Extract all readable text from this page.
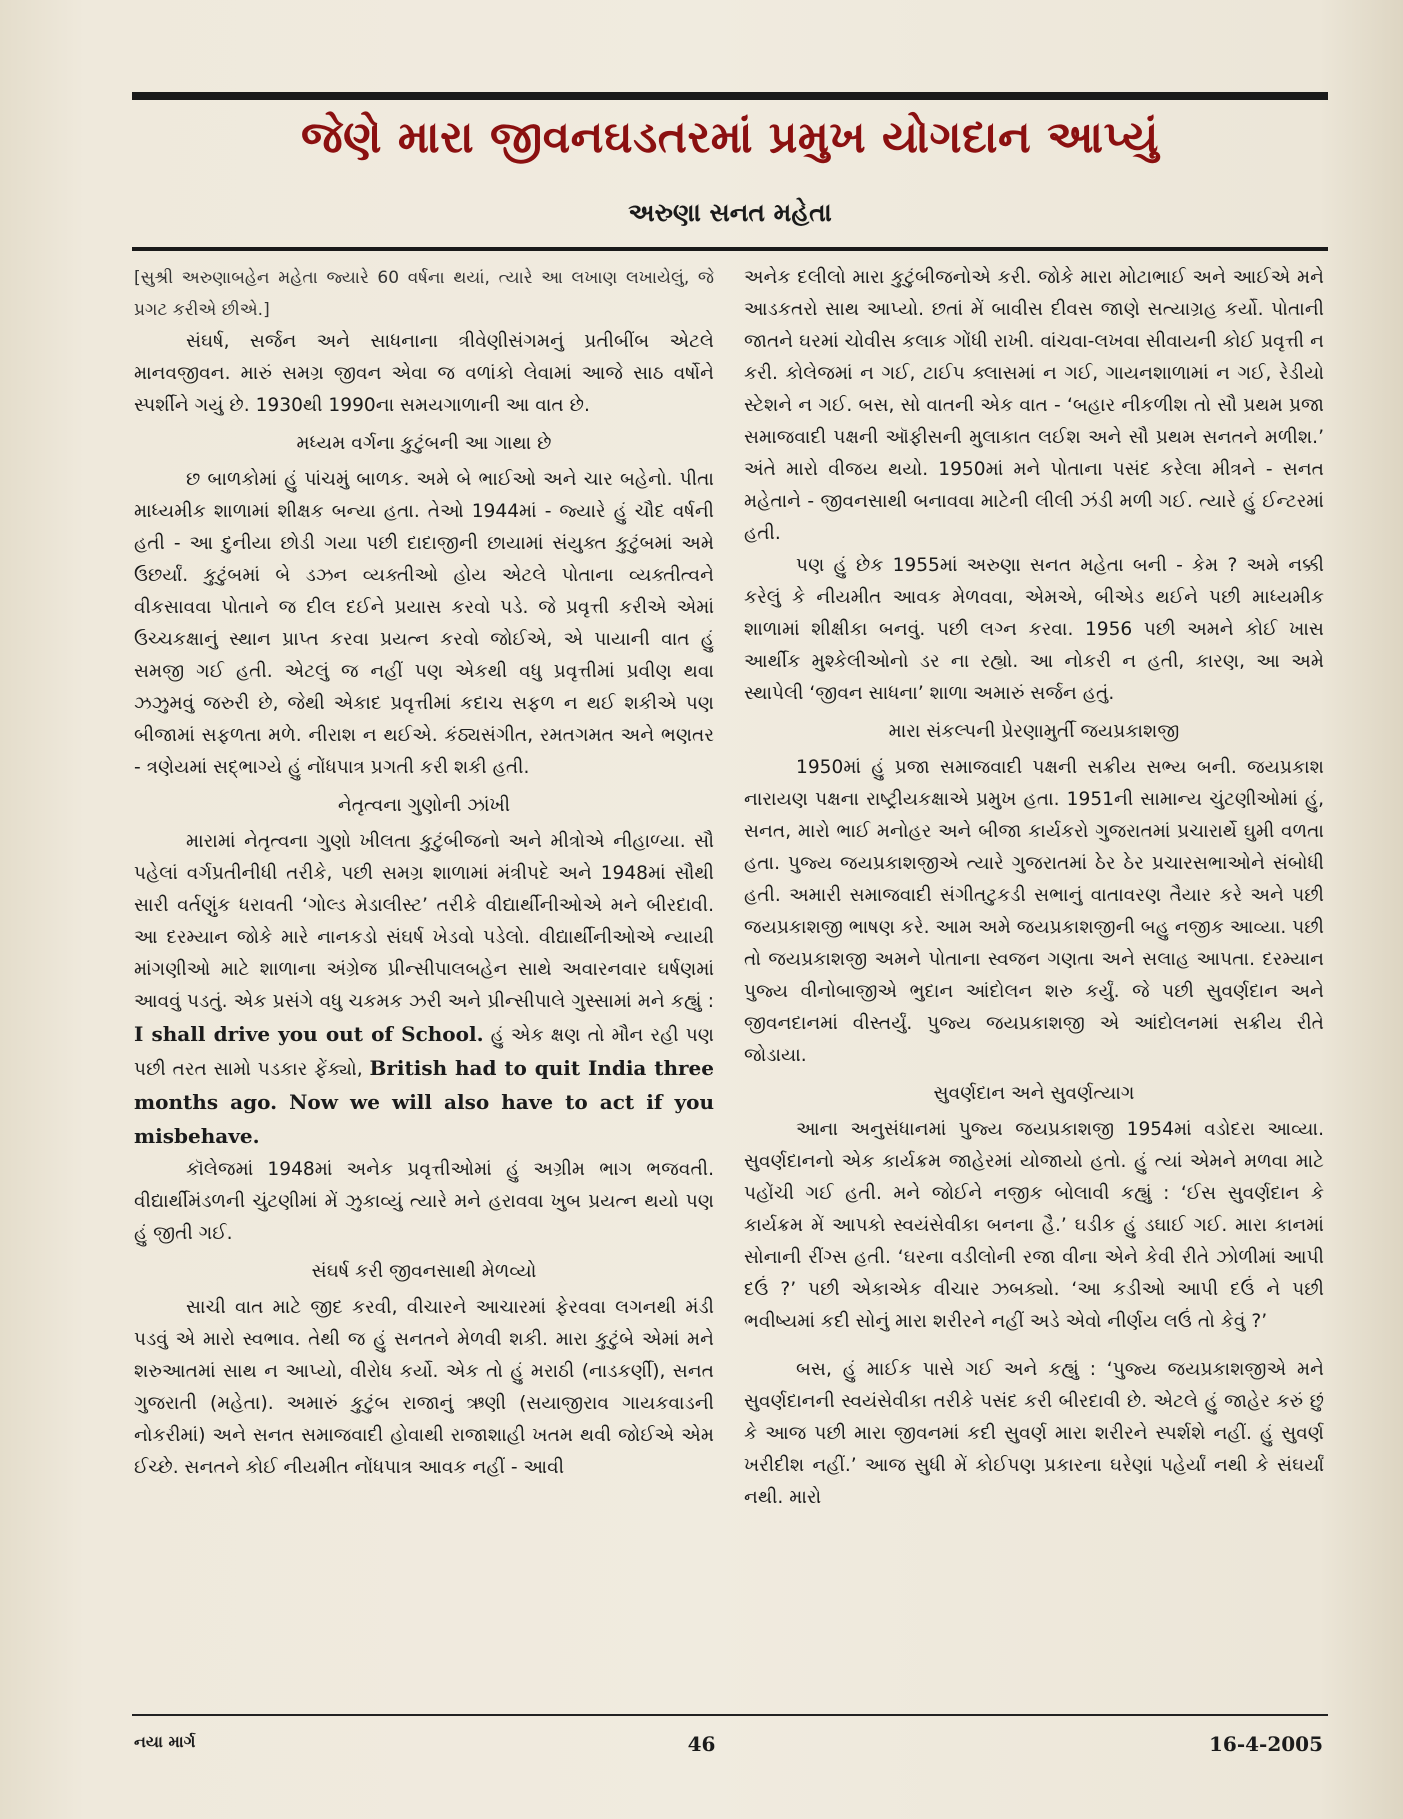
જેણે મારા જીવનઘડતરમાં પ્રમુખ યોગદાન આપ્યું
અરુણા સનત મહેતા

[સુશ્રી અરુણાબહેન મહેતા જ્યારે 60 વર્ષના થયાં, ત્યારે આ લખાણ લખાયેલું, જે પ્રગટ કરીએ છીએ.]

સંઘર્ષ, સર્જન અને સાધનાના ત્રીવેણીસંગમનું પ્રતીબીંબ એટલે માનવજીવન. મારું સમગ્ર જીવન એવા જ વળાંકો લેવામાં આજે સાઠ વર્ષોને સ્પર્શીને ગયું છે. 1930થી 1990ના સમયગાળાની આ વાત છે.

મધ્યમ વર્ગના કુટુંબની આ ગાથા છે

છ બાળકોમાં હું પાંચમું બાળક. અમે બે ભાઈઓ અને ચાર બહેનો. પીતા માધ્યમીક શાળામાં શીક્ષક બન્યા હતા. તેઓ 1944માં - જ્યારે હું ચૌદ વર્ષની હતી - આ દુનીયા છોડી ગયા પછી દાદાજીની છાયામાં સંયુક્ત કુટુંબમાં અમે ઉછર્યાં. કુટુંબમાં બે ડઝન વ્યક્તીઓ હોય એટલે પોતાના વ્યક્તીત્વને વીકસાવવા પોતાને જ દીલ દઈને પ્રયાસ કરવો પડે. જે પ્રવૃત્તી કરીએ એમાં ઉચ્ચકક્ષાનું સ્થાન પ્રાપ્ત કરવા પ્રયત્ન કરવો જોઈએ, એ પાયાની વાત હું સમજી ગઈ હતી. એટલું જ નહીં પણ એકથી વધુ પ્રવૃત્તીમાં પ્રવીણ થવા ઝઝુમવું જરુરી છે, જેથી એકાદ પ્રવૃત્તીમાં કદાચ સફળ ન થઈ શકીએ પણ બીજામાં સફળતા મળે. નીરાશ ન થઈએ. કંઠ્યસંગીત, રમતગમત અને ભણતર - ત્રણેયમાં સદ્ભાગ્યે હું નોંધપાત્ર પ્રગતી કરી શકી હતી.

નેતૃત્વના ગુણોની ઝાંખી

મારામાં નેતૃત્વના ગુણો ખીલતા કુટુંબીજનો અને મીત્રોએ નીહાળ્યા. સૌ પહેલાં વર્ગપ્રતીનીધી તરીકે, પછી સમગ્ર શાળામાં મંત્રીપદે અને 1948માં સૌથી સારી વર્તણુંક ધરાવતી ‘ગોલ્ડ મેડાલીસ્ટ’ તરીકે વીદ્યાર્થીનીઓએ મને બીરદાવી. આ દરમ્યાન જોકે મારે નાનકડો સંઘર્ષ ખેડવો પડેલો. વીદ્યાર્થીનીઓએ ન્યાયી માંગણીઓ માટે શાળાના અંગ્રેજ પ્રીન્સીપાલબહેન સાથે અવારનવાર ઘર્ષણમાં આવવું પડતું. એક પ્રસંગે વધુ ચકમક ઝરી અને પ્રીન્સીપાલે ગુસ્સામાં મને કહ્યું : I shall drive you out of School. હું એક ક્ષણ તો મૌન રહી પણ પછી તરત સામો પડકાર ફેંક્યો, British had to quit India three months ago. Now we will also have to act if you misbehave.

કૉલેજમાં 1948માં અનેક પ્રવૃત્તીઓમાં હું અગ્રીમ ભાગ ભજવતી. વીદ્યાર્થીમંડળની ચુંટણીમાં મેં ઝુકાવ્યું ત્યારે મને હરાવવા ખુબ પ્રયત્ન થયો પણ હું જીતી ગઈ.

સંઘર્ષ કરી જીવનસાથી મેળવ્યો

સાચી વાત માટે જીદ કરવી, વીચારને આચારમાં ફેરવવા લગનથી મંડી પડવું એ મારો સ્વભાવ. તેથી જ હું સનતને મેળવી શકી. મારા કુટુંબે એમાં મને શરુઆતમાં સાથ ન આપ્યો, વીરોધ કર્યો. એક તો હું મરાઠી (નાડકર્ણી), સનત ગુજરાતી (મહેતા). અમારું કુટુંબ રાજાનું ઋણી (સયાજીરાવ ગાયકવાડની નોકરીમાં) અને સનત સમાજવાદી હોવાથી રાજાશાહી ખતમ થવી જોઈએ એમ ઈચ્છે. સનતને કોઈ નીયમીત નોંધપાત્ર આવક નહીં - આવી

અનેક દલીલો મારા કુટુંબીજનોએ કરી. જોકે મારા મોટાભાઈ અને આઈએ મને આડકતરો સાથ આપ્યો. છતાં મેં બાવીસ દીવસ જાણે સત્યાગ્રહ કર્યો. પોતાની જાતને ઘરમાં ચોવીસ કલાક ગોંધી રાખી. વાંચવા-લખવા સીવાયની કોઈ પ્રવૃત્તી ન કરી. કોલેજમાં ન ગઈ, ટાઈપ ક્લાસમાં ન ગઈ, ગાયનશાળામાં ન ગઈ, રેડીયો સ્ટેશને ન ગઈ. બસ, સો વાતની એક વાત - ‘બહાર નીકળીશ તો સૌ પ્રથમ પ્રજા સમાજવાદી પક્ષની ઑફીસની મુલાકાત લઈશ અને સૌ પ્રથમ સનતને મળીશ.’ અંતે મારો વીજય થયો. 1950માં મને પોતાના પસંદ કરેલા મીત્રને - સનત મહેતાને - જીવનસાથી બનાવવા માટેની લીલી ઝંડી મળી ગઈ. ત્યારે હું ઈન્ટરમાં હતી.

પણ હું છેક 1955માં અરુણા સનત મહેતા બની - કેમ ? અમે નક્કી કરેલું કે નીયમીત આવક મેળવવા, એમએ, બીએડ થઈને પછી માધ્યમીક શાળામાં શીક્ષીકા બનવું. પછી લગ્ન કરવા. 1956 પછી અમને કોઈ ખાસ આર્થીક મુશ્કેલીઓનો ડર ના રહ્યો. આ નોકરી ન હતી, કારણ, આ અમે સ્થાપેલી ‘જીવન સાધના’ શાળા અમારું સર્જન હતું.

મારા સંકલ્પની પ્રેરણામુર્તી જયપ્રકાશજી

1950માં હું પ્રજા સમાજવાદી પક્ષની સક્રીય સભ્ય બની. જયપ્રકાશ નારાયણ પક્ષના રાષ્ટ્રીયકક્ષાએ પ્રમુખ હતા. 1951ની સામાન્ય ચુંટણીઓમાં હું, સનત, મારો ભાઈ મનોહર અને બીજા કાર્યકરો ગુજરાતમાં પ્રચારાર્થે ઘુમી વળતા હતા. પુજ્ય જયપ્રકાશજીએ ત્યારે ગુજરાતમાં ઠેર ઠેર પ્રચારસભાઓને સંબોધી હતી. અમારી સમાજવાદી સંગીતટુકડી સભાનું વાતાવરણ તૈયાર કરે અને પછી જયપ્રકાશજી ભાષણ કરે. આમ અમે જયપ્રકાશજીની બહુ નજીક આવ્યા. પછી તો જયપ્રકાશજી અમને પોતાના સ્વજન ગણતા અને સલાહ આપતા. દરમ્યાન પુજ્ય વીનોબાજીએ ભુદાન આંદોલન શરુ કર્યું. જે પછી સુવર્ણદાન અને જીવનદાનમાં વીસ્તર્યું. પુજ્ય જયપ્રકાશજી એ આંદોલનમાં સક્રીય રીતે જોડાયા.

સુવર્ણદાન અને સુવર્ણત્યાગ

આના અનુસંધાનમાં પુજ્ય જયપ્રકાશજી 1954માં વડોદરા આવ્યા. સુવર્ણદાનનો એક કાર્યક્રમ જાહેરમાં યોજાયો હતો. હું ત્યાં એમને મળવા માટે પહોંચી ગઈ હતી. મને જોઈને નજીક બોલાવી કહ્યું : ‘ઈસ સુવર્ણદાન કે કાર્યક્રમ મેં આપકો સ્વયંસેવીકા બનના હૈ.’ ઘડીક હું ડઘાઈ ગઈ. મારા કાનમાં સોનાની રીંગ્સ હતી. ‘ઘરના વડીલોની રજા વીના એને કેવી રીતે ઝોળીમાં આપી દઉં ?’ પછી એકાએક વીચાર ઝબક્યો. ‘આ કડીઓ આપી દઉં ને પછી ભવીષ્યમાં કદી સોનું મારા શરીરને નહીં અડે એવો નીર્ણય લઉં તો કેવું ?’

બસ, હું માઈક પાસે ગઈ અને કહ્યું : ‘પુજ્ય જયપ્રકાશજીએ મને સુવર્ણદાનની સ્વયંસેવીકા તરીકે પસંદ કરી બીરદાવી છે. એટલે હું જાહેર કરું છું કે આજ પછી મારા જીવનમાં કદી સુવર્ણ મારા શરીરને સ્પર્શશે નહીં. હું સુવર્ણ ખરીદીશ નહીં.’ આજ સુધી મેં કોઈપણ પ્રકારના ઘરેણાં પહેર્યાં નથી કે સંઘર્યાં નથી. મારો

નયા માર્ગ	46	16-4-2005
